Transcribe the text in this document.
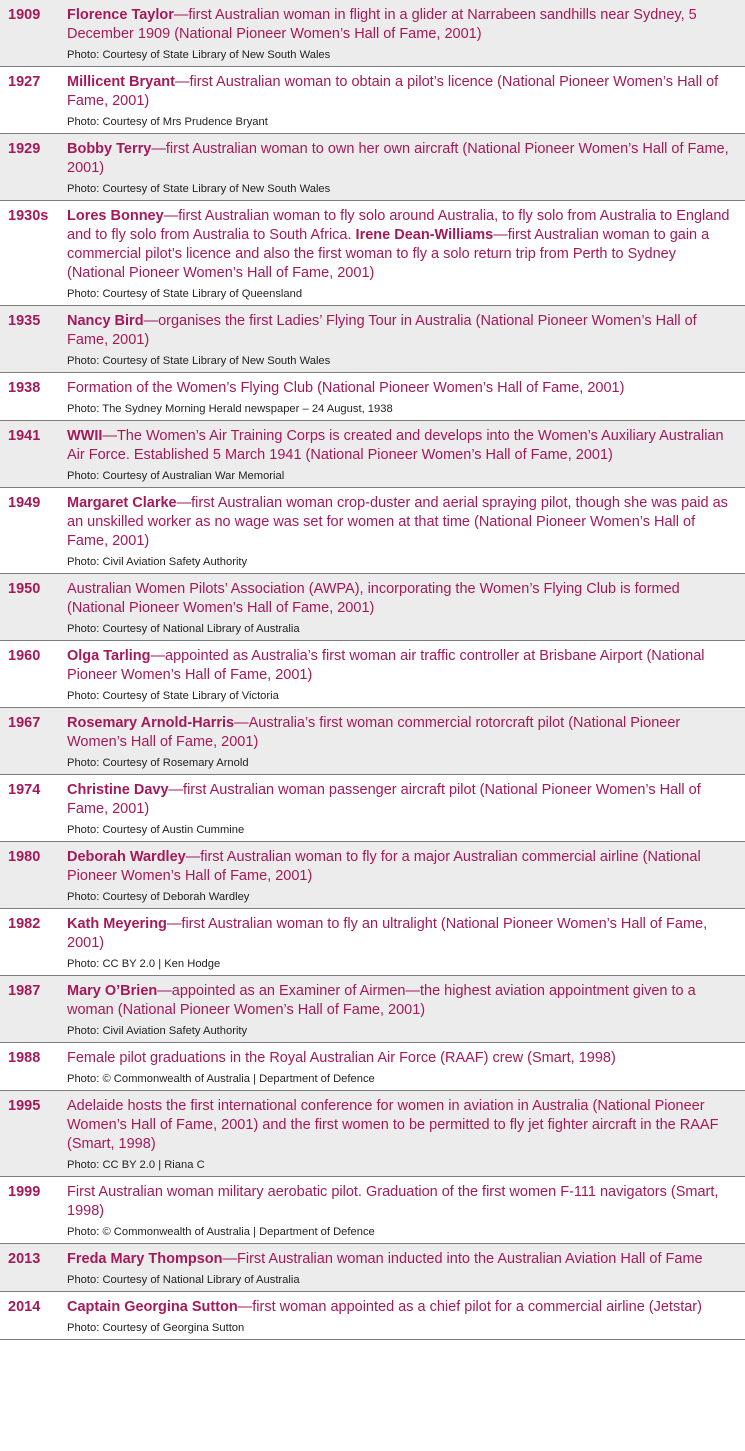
1909	Florence Taylor—first Australian woman in flight in a glider at Narrabeen sandhills near Sydney, 5 December 1909 (National Pioneer Women’s Hall of Fame, 2001)

Photo: Courtesy of State Library of New South Wales
1927	Millicent Bryant—first Australian woman to obtain a pilot’s licence (National Pioneer Women’s Hall of Fame, 2001)

Photo: Courtesy of Mrs Prudence Bryant
1929	Bobby Terry—first Australian woman to own her own aircraft (National Pioneer Women’s Hall of Fame, 2001)

Photo: Courtesy of State Library of New South Wales
1930s	Lores Bonney—first Australian woman to fly solo around Australia, to fly solo from Australia to England and to fly solo from Australia to South Africa. Irene Dean-Williams—first Australian woman to gain a commercial pilot’s licence and also the first woman to fly a solo return trip from Perth to Sydney (National Pioneer Women’s Hall of Fame, 2001)

Photo: Courtesy of State Library of Queensland
1935	Nancy Bird—organises the first Ladies’ Flying Tour in Australia (National Pioneer Women’s Hall of Fame, 2001)

Photo: Courtesy of State Library of New South Wales
1938	Formation of the Women’s Flying Club (National Pioneer Women’s Hall of Fame, 2001)

Photo: The Sydney Morning Herald newspaper – 24 August, 1938
1941	WWII—The Women’s Air Training Corps is created and develops into the Women’s Auxiliary Australian Air Force. Established 5 March 1941 (National Pioneer Women’s Hall of Fame, 2001)

Photo: Courtesy of Australian War Memorial
1949	Margaret Clarke—first Australian woman crop-duster and aerial spraying pilot, though she was paid as an unskilled worker as no wage was set for women at that time (National Pioneer Women’s Hall of Fame, 2001)

Photo: Civil Aviation Safety Authority
1950	Australian Women Pilots’ Association (AWPA), incorporating the Women’s Flying Club is formed (National Pioneer Women’s Hall of Fame, 2001)

Photo: Courtesy of National Library of Australia
1960	Olga Tarling—appointed as Australia’s first woman air traffic controller at Brisbane Airport (National Pioneer Women’s Hall of Fame, 2001)

Photo: Courtesy of State Library of Victoria
1967	Rosemary Arnold-Harris—Australia’s first woman commercial rotorcraft pilot (National Pioneer Women’s Hall of Fame, 2001)

Photo: Courtesy of Rosemary Arnold
1974	Christine Davy—first Australian woman passenger aircraft pilot (National Pioneer Women’s Hall of Fame, 2001)

Photo: Courtesy of Austin Cummine
1980	Deborah Wardley—first Australian woman to fly for a major Australian commercial airline (National Pioneer Women’s Hall of Fame, 2001)

Photo: Courtesy of Deborah Wardley
1982	Kath Meyering—first Australian woman to fly an ultralight (National Pioneer Women’s Hall of Fame, 2001)

Photo: CC BY 2.0 | Ken Hodge
1987	Mary O’Brien—appointed as an Examiner of Airmen—the highest aviation appointment given to a woman (National Pioneer Women’s Hall of Fame, 2001)

Photo: Civil Aviation Safety Authority
1988	Female pilot graduations in the Royal Australian Air Force (RAAF) crew (Smart, 1998)

Photo: © Commonwealth of Australia | Department of Defence
1995	Adelaide hosts the first international conference for women in aviation in Australia (National Pioneer Women’s Hall of Fame, 2001) and the first women to be permitted to fly jet fighter aircraft in the RAAF (Smart, 1998)

Photo: CC BY 2.0 | Riana C
1999	First Australian woman military aerobatic pilot. Graduation of the first women F-111 navigators (Smart, 1998)

Photo: © Commonwealth of Australia | Department of Defence
2013	Freda Mary Thompson—First Australian woman inducted into the Australian Aviation Hall of Fame

Photo: Courtesy of National Library of Australia
2014	Captain Georgina Sutton—first woman appointed as a chief pilot for a commercial airline (Jetstar)

Photo: Courtesy of Georgina Sutton
